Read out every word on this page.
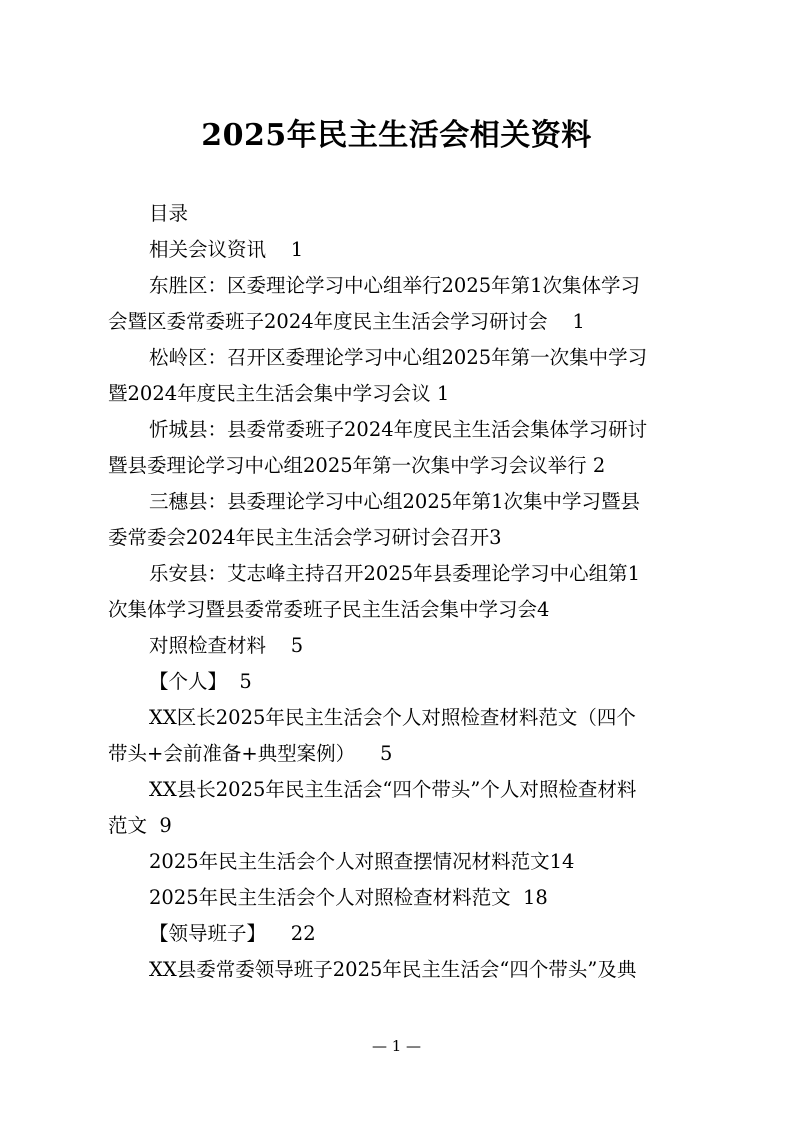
2025年民主生活会相关资料
目录
相关会议资讯    1
东胜区：区委理论学习中心组举行2025年第1次集体学习
会暨区委常委班子2024年度民主生活会学习研讨会    1
松岭区：召开区委理论学习中心组2025年第一次集中学习
暨2024年度民主生活会集中学习会议 1
忻城县：县委常委班子2024年度民主生活会集体学习研讨
暨县委理论学习中心组2025年第一次集中学习会议举行 2
三穗县：县委理论学习中心组2025年第1次集中学习暨县
委常委会2024年民主生活会学习研讨会召开3
乐安县：艾志峰主持召开2025年县委理论学习中心组第1
次集体学习暨县委常委班子民主生活会集中学习会4
对照检查材料    5
【个人】  5
XX区长2025年民主生活会个人对照检查材料范文（四个
带头+会前准备+典型案例）    5
XX县长2025年民主生活会“四个带头”个人对照检查材料
范文  9
2025年民主生活会个人对照查摆情况材料范文14
2025年民主生活会个人对照检查材料范文  18
【领导班子】    22
XX县委常委领导班子2025年民主生活会“四个带头”及典
— 1 —
